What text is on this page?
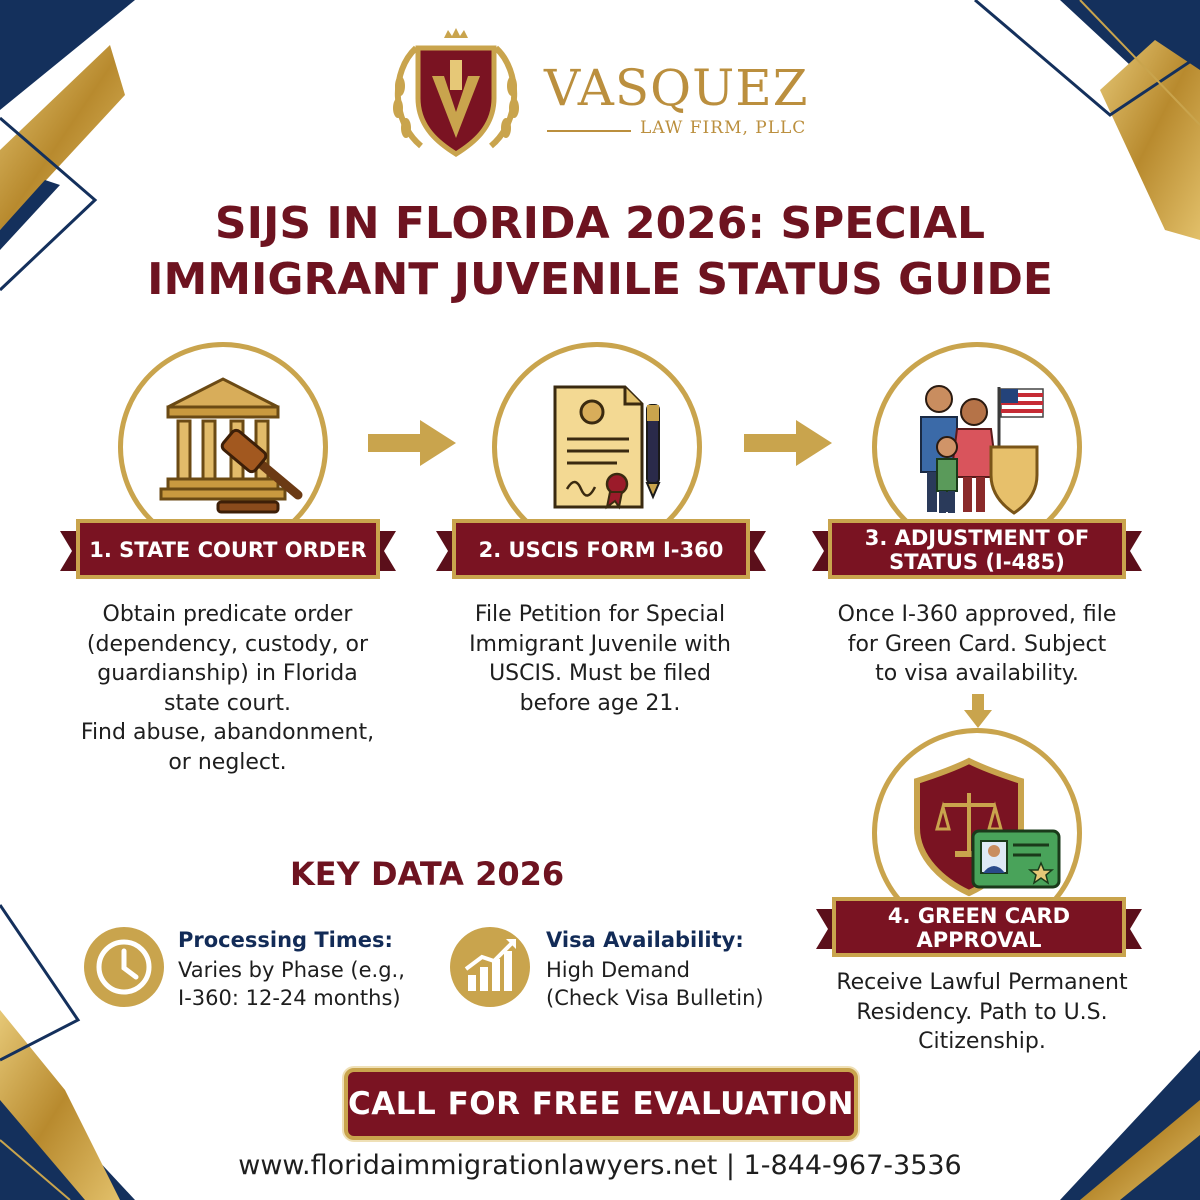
VASQUEZ
LAW FIRM, PLLC
SIJS IN FLORIDA 2026: SPECIAL
IMMIGRANT JUVENILE STATUS GUIDE
1. STATE COURT ORDER
Obtain predicate order
(dependency, custody, or
guardianship) in Florida
state court.
Find abuse, abandonment,
or neglect.
2. USCIS FORM I-360
File Petition for Special
Immigrant Juvenile with
USCIS. Must be filed
before age 21.
3. ADJUSTMENT OF
STATUS (I-485)
Once I-360 approved, file
for Green Card. Subject
to visa availability.
4. GREEN CARD
APPROVAL
Receive Lawful Permanent
Residency. Path to U.S.
Citizenship.
KEY DATA 2026
Processing Times:
Varies by Phase (e.g.,
I-360: 12-24 months)
Visa Availability:
High Demand
(Check Visa Bulletin)
CALL FOR FREE EVALUATION
www.floridaimmigrationlawyers.net | 1-844-967-3536
